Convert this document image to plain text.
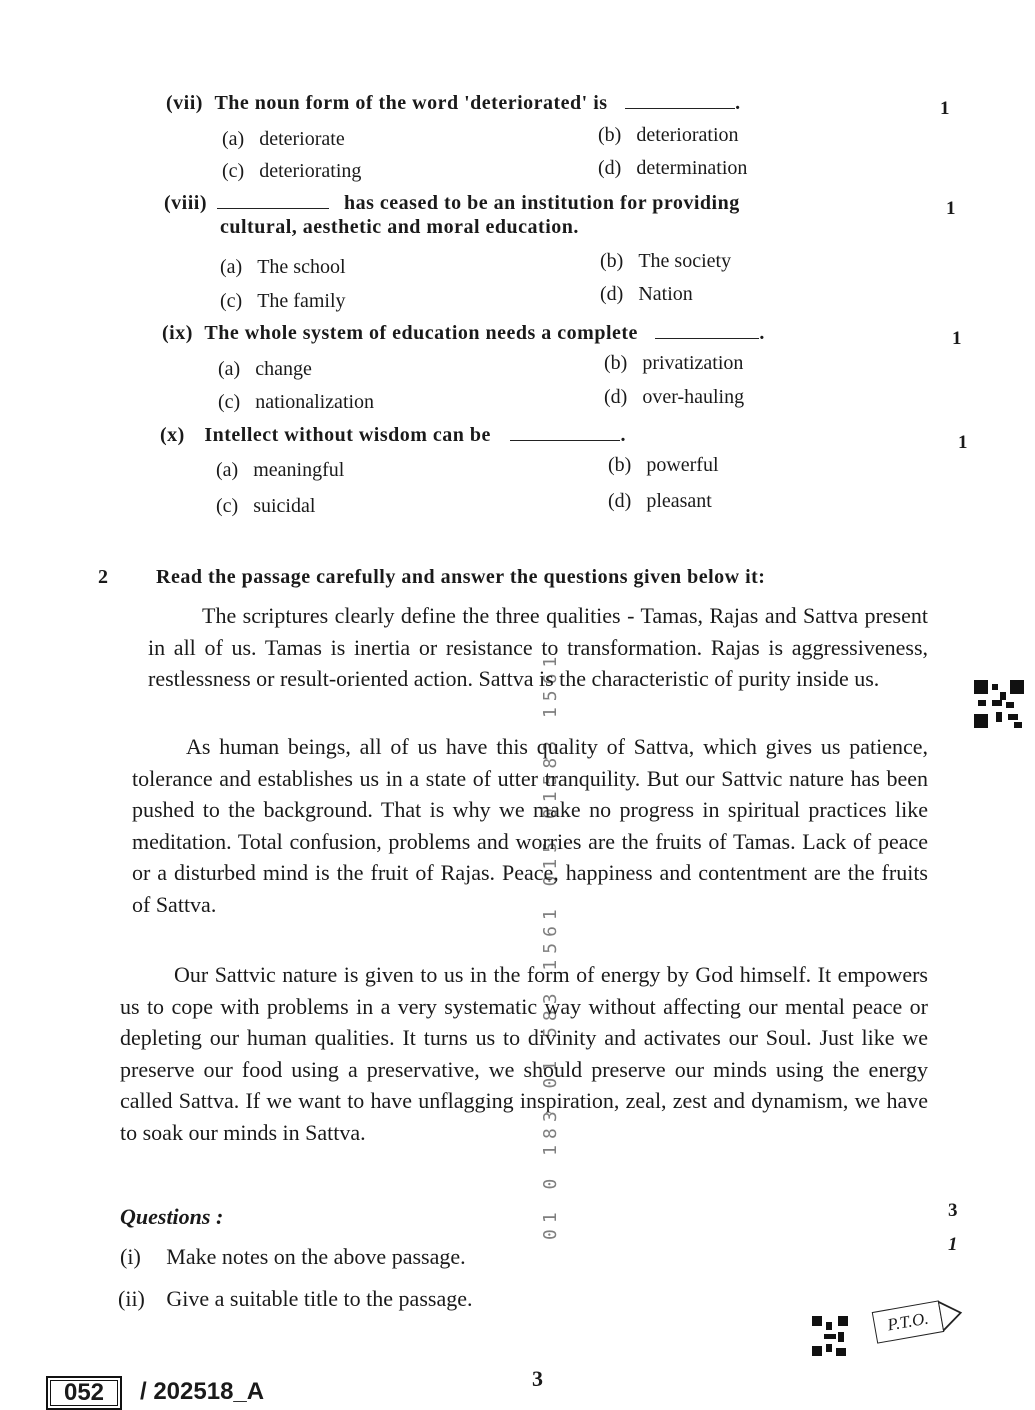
01 0 183 01 583 1561 015 01583 1561
(vii) The noun form of the word 'deteriorated' is	.	1
(a) deteriorate	(b) deterioration
(c) deteriorating	(d) determination
(viii)	has ceased to be an institution for providing
cultural, aesthetic and moral education.
1
(a) The school	(b) The society
(c) The family	(d) Nation
(ix) The whole system of education needs a complete	.	1
(a) change	(b) privatization
(c) nationalization	(d) over-hauling
(x) Intellect without wisdom can be	.	1
(a) meaningful	(b) powerful
(c) suicidal	(d) pleasant
2 Read the passage carefully and answer the questions given below it:

The scriptures clearly define the three qualities - Tamas, Rajas and Sattva present in all of us. Tamas is inertia or resistance to transformation. Rajas is aggressiveness, restlessness or result-oriented action. Sattva is the characteristic of purity inside us.

As human beings, all of us have this quality of Sattva, which gives us patience, tolerance and establishes us in a state of utter tranquility. But our Sattvic nature has been pushed to the background. That is why we make no progress in spiritual practices like meditation. Total confusion, problems and worries are the fruits of Tamas. Lack of peace or a disturbed mind is the fruit of Rajas. Peace, happiness and contentment are the fruits of Sattva.

Our Sattvic nature is given to us in the form of energy by God himself. It empowers us to cope with problems in a very systematic way without affecting our mental peace or depleting our human qualities. It turns us to divinity and activates our Soul. Just like we preserve our food using a preservative, we should preserve our minds using the energy called Sattva. If we want to have unflagging inspiration, zeal, zest and dynamism, we have to soak our minds in Sattva.

Questions :	3
(i) Make notes on the above passage.	1
(ii) Give a suitable title to the passage.
P.T.O.
052 / 202518_A	3
